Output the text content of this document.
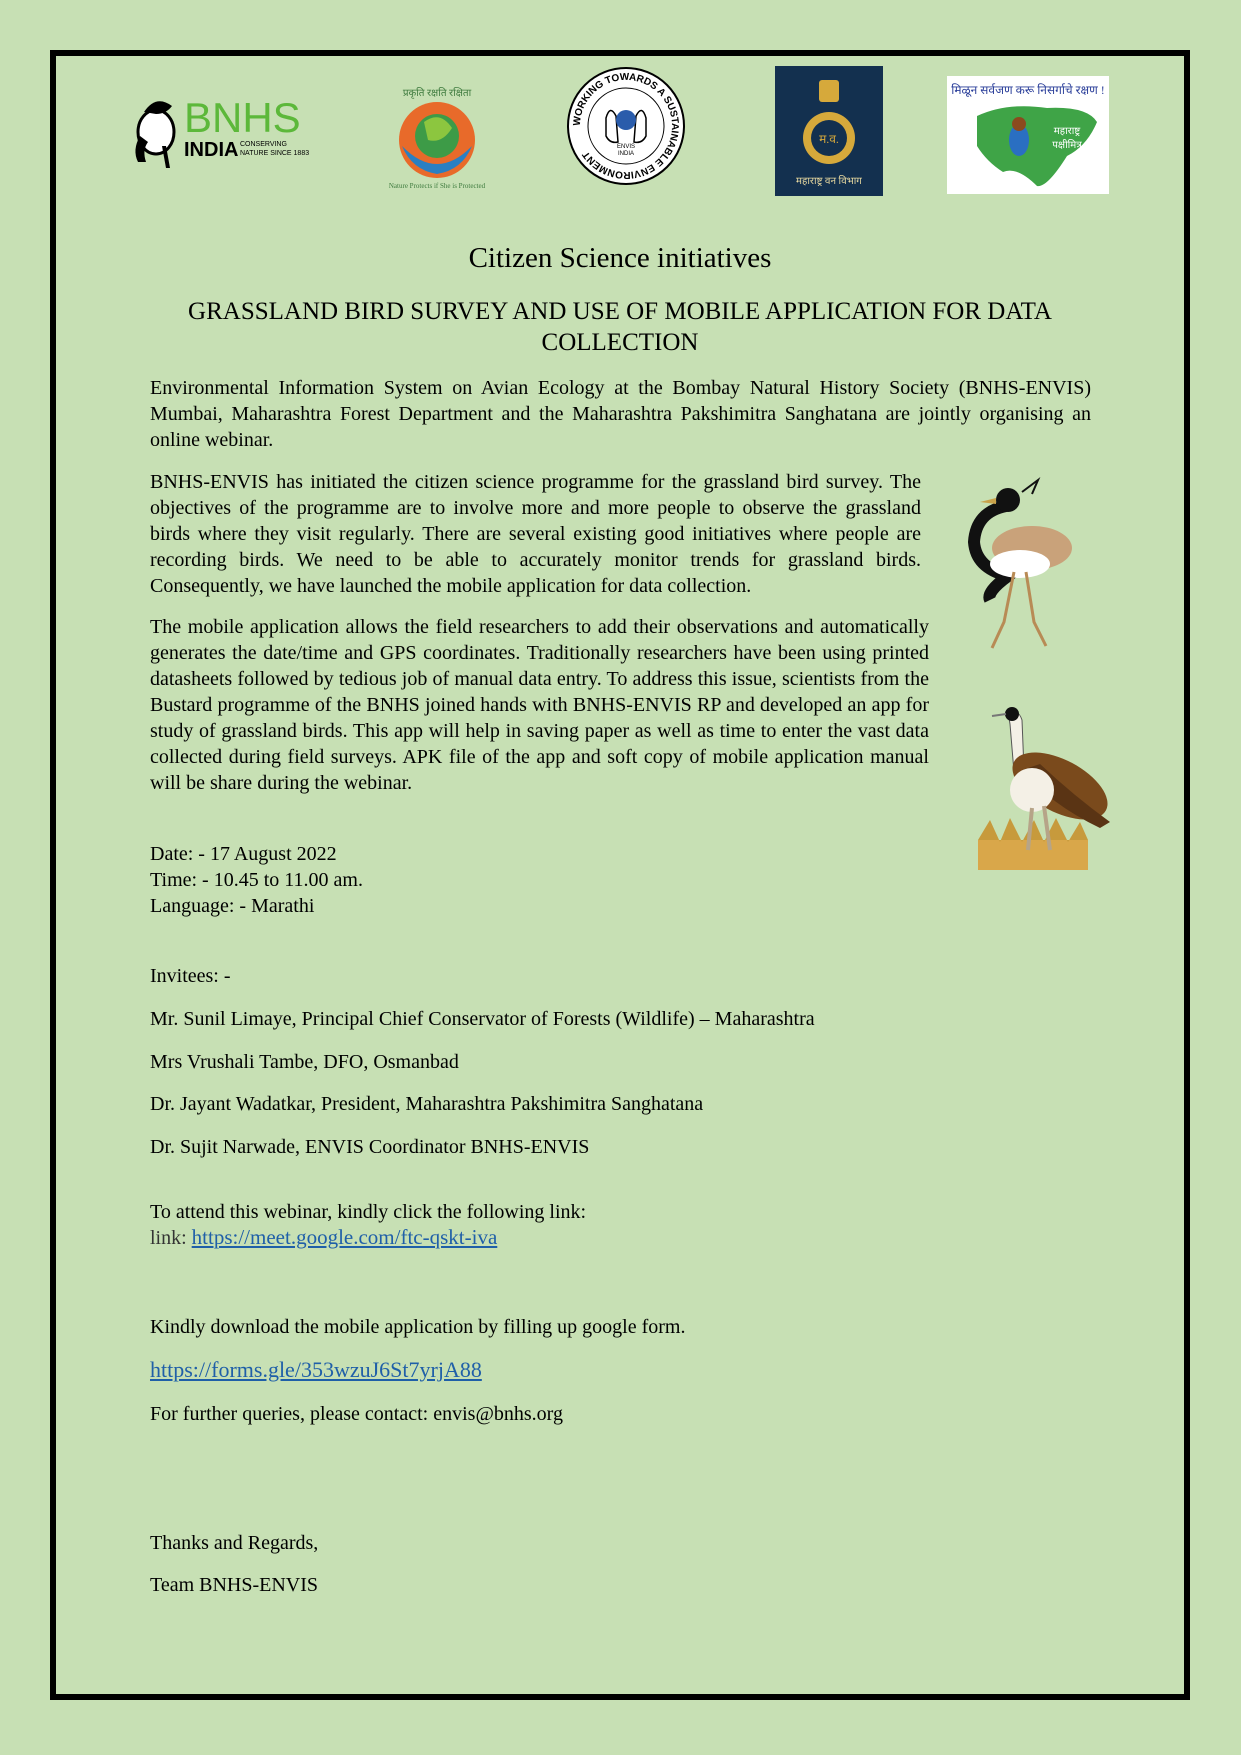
BNHS
INDIA CONSERVING
NATURE SINCE 1883
प्रकृति रक्षति रक्षिता
Nature Protects if She is Protected
WORKING TOWARDS A SUSTAINABLE ENVIRONMENT
ENVIS
INDIA
म.व.
महाराष्ट्र वन विभाग
मिळून सर्वजण करू निसर्गाचे रक्षण !
महाराष्ट्र
पक्षीमित्र
Citizen Science initiatives
GRASSLAND BIRD SURVEY AND USE OF MOBILE APPLICATION FOR DATA
COLLECTION

Environmental Information System on Avian Ecology at the Bombay Natural History Society (BNHS-ENVIS) Mumbai, Maharashtra Forest Department and the Maharashtra Pakshimitra Sanghatana are jointly organising an online webinar.

BNHS-ENVIS has initiated the citizen science programme for the grassland bird survey. The objectives of the programme are to involve more and more people to observe the grassland birds where they visit regularly. There are several existing good initiatives where people are recording birds. We need to be able to accurately monitor trends for grassland birds. Consequently, we have launched the mobile application for data collection.

The mobile application allows the field researchers to add their observations and automatically generates the date/time and GPS coordinates. Traditionally researchers have been using printed datasheets followed by tedious job of manual data entry. To address this issue, scientists from the Bustard programme of the BNHS joined hands with BNHS-ENVIS RP and developed an app for study of grassland birds. This app will help in saving paper as well as time to enter the vast data collected during field surveys. APK file of the app and soft copy of mobile application manual will be share during the webinar.

Date: - 17 August 2022
Time: - 10.45 to 11.00 am.
Language: - Marathi
Invitees: -
Mr. Sunil Limaye, Principal Chief Conservator of Forests (Wildlife) – Maharashtra
Mrs Vrushali Tambe, DFO, Osmanbad
Dr. Jayant Wadatkar, President, Maharashtra Pakshimitra Sanghatana
Dr. Sujit Narwade, ENVIS Coordinator BNHS-ENVIS
To attend this webinar, kindly click the following link:
link: https://meet.google.com/ftc-qskt-iva
Kindly download the mobile application by filling up google form.
https://forms.gle/353wzuJ6St7yrjA88
For further queries, please contact: envis@bnhs.org
Thanks and Regards,
Team BNHS-ENVIS
